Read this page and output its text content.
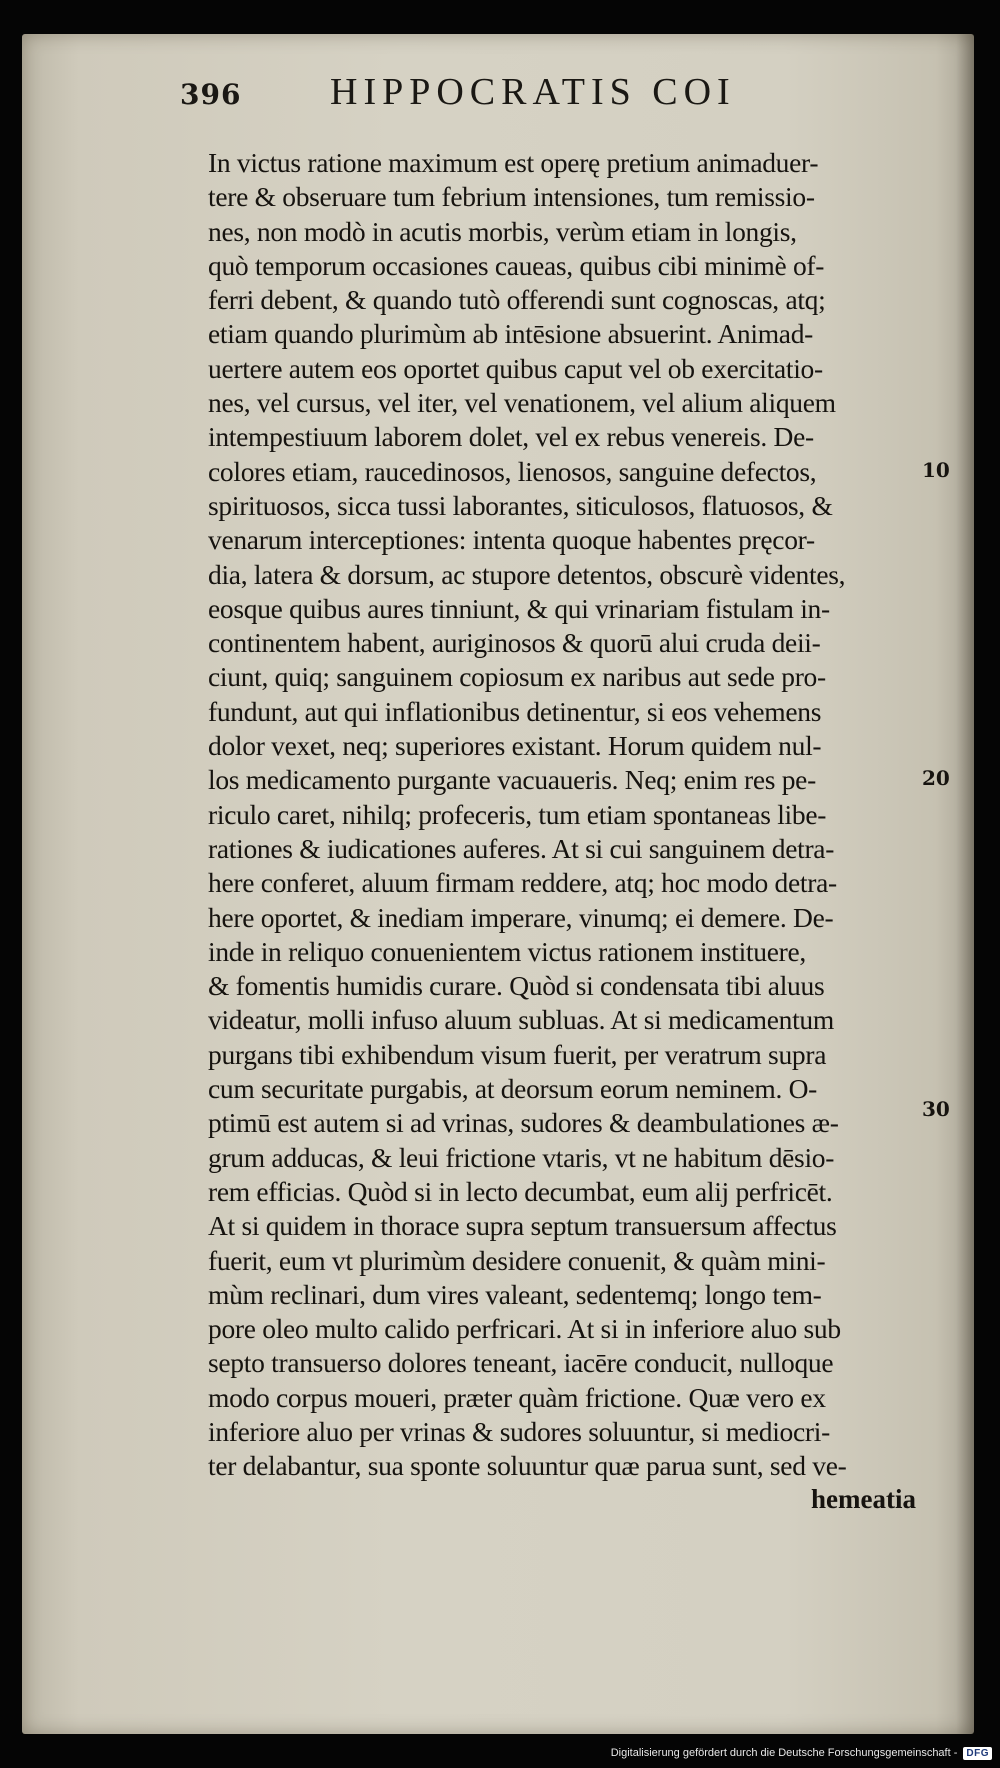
396 HIPPOCRATIS COI
In victus ratione maximum est operę pretium animaduer-
tere & obseruare tum febrium intensiones, tum remissio-
nes, non modò in acutis morbis, verùm etiam in longis,
quò temporum occasiones caueas, quibus cibi minimè of-
ferri debent, & quando tutò offerendi sunt cognoscas, atq;
etiam quando plurimùm ab intēsione absuerint. Animad-
uertere autem eos oportet quibus caput vel ob exercitatio-
nes, vel cursus, vel iter, vel venationem, vel alium aliquem
intempestiuum laborem dolet, vel ex rebus venereis. De-
colores etiam, raucedinosos, lienosos, sanguine defectos,
spirituosos, sicca tussi laborantes, siticulosos, flatuosos, &
venarum interceptiones: intenta quoque habentes pręcor-
dia, latera & dorsum, ac stupore detentos, obscurè videntes,
eosque quibus aures tinniunt, & qui vrinariam fistulam in-
continentem habent, auriginosos & quorū alui cruda deii-
ciunt, quiq; sanguinem copiosum ex naribus aut sede pro-
fundunt, aut qui inflationibus detinentur, si eos vehemens
dolor vexet, neq; superiores existant. Horum quidem nul-
los medicamento purgante vacuaueris. Neq; enim res pe-
riculo caret, nihilq; profeceris, tum etiam spontaneas libe-
rationes & iudicationes auferes. At si cui sanguinem detra-
here conferet, aluum firmam reddere, atq; hoc modo detra-
here oportet, & inediam imperare, vinumq; ei demere. De-
inde in reliquo conuenientem victus rationem instituere,
& fomentis humidis curare. Quòd si condensata tibi aluus
videatur, molli infuso aluum subluas. At si medicamentum
purgans tibi exhibendum visum fuerit, per veratrum supra
cum securitate purgabis, at deorsum eorum neminem. O-
ptimū est autem si ad vrinas, sudores & deambulationes æ-
grum adducas, & leui frictione vtaris, vt ne habitum dēsio-
rem efficias. Quòd si in lecto decumbat, eum alij perfricēt.
At si quidem in thorace supra septum transuersum affectus
fuerit, eum vt plurimùm desidere conuenit, & quàm mini-
mùm reclinari, dum vires valeant, sedentemq; longo tem-
pore oleo multo calido perfricari. At si in inferiore aluo sub
septo transuerso dolores teneant, iacēre conducit, nulloque
modo corpus moueri, præter quàm frictione. Quæ vero ex
inferiore aluo per vrinas & sudores soluuntur, si mediocri-
ter delabantur, sua sponte soluuntur quæ parua sunt, sed ve-
hemeatia
10
20
30
Digitalisierung gefördert durch die Deutsche Forschungsgemeinschaft - DFG
